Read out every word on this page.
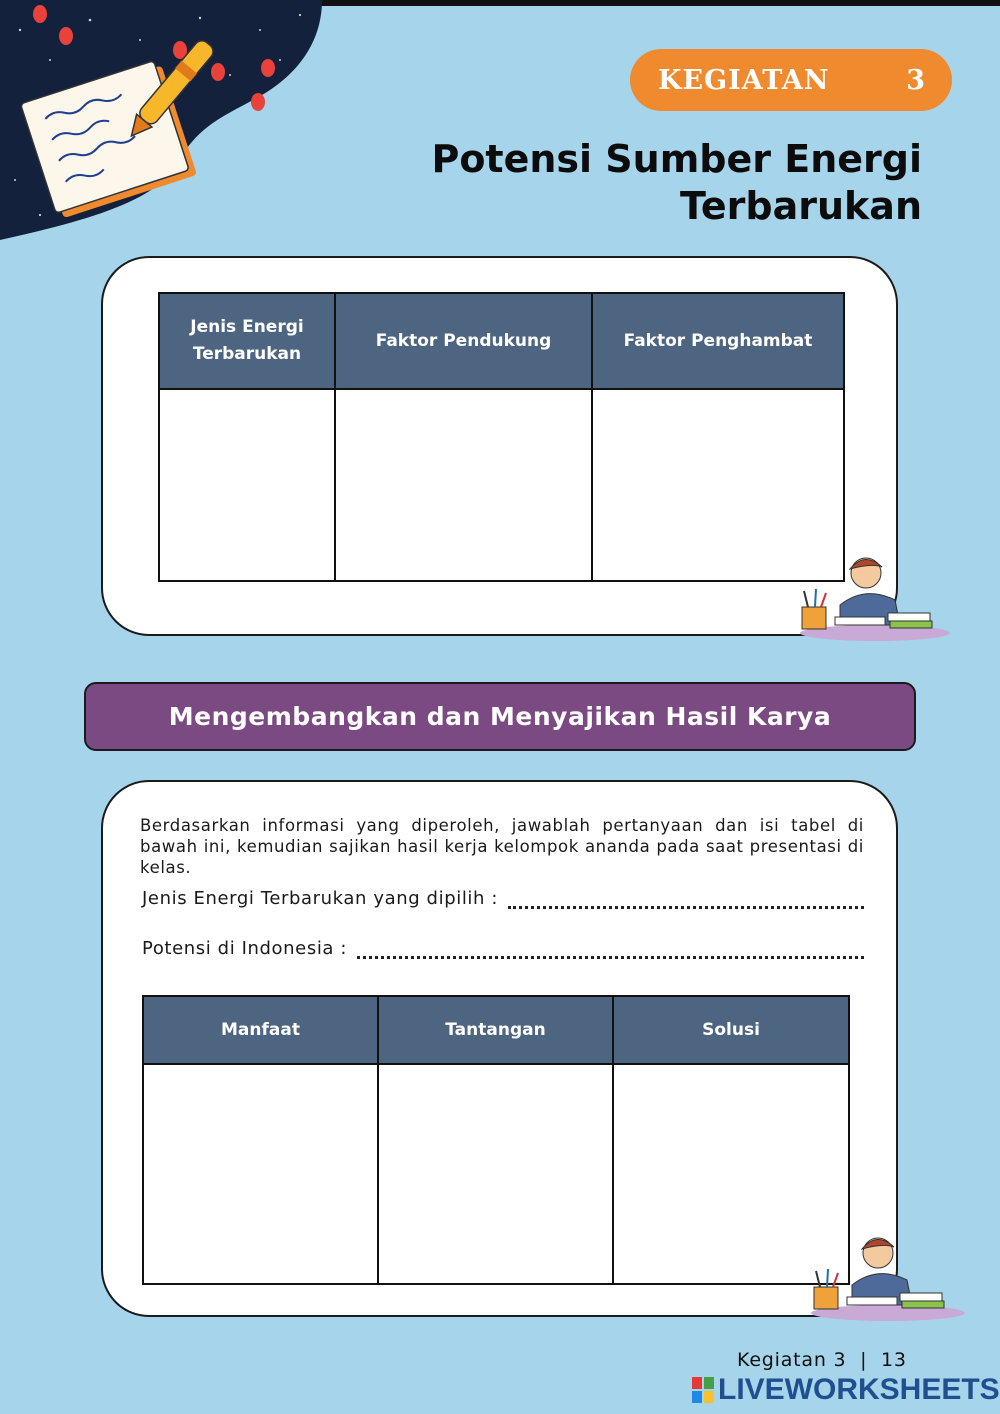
KEGIATAN	3
Potensi Sumber Energi
Terbarukan
Jenis Energi Terbarukan	Faktor Pendukung	Faktor Penghambat

Mengembangkan dan Menyajikan Hasil Karya

Berdasarkan informasi yang diperoleh, jawablah pertanyaan dan isi tabel di bawah ini, kemudian sajikan hasil kerja kelompok ananda pada saat presentasi di kelas.

Jenis Energi Terbarukan yang dipilih :
Potensi di Indonesia :
Manfaat	Tantangan	Solusi

Kegiatan 3  |  13
LIVEWORKSHEETS
